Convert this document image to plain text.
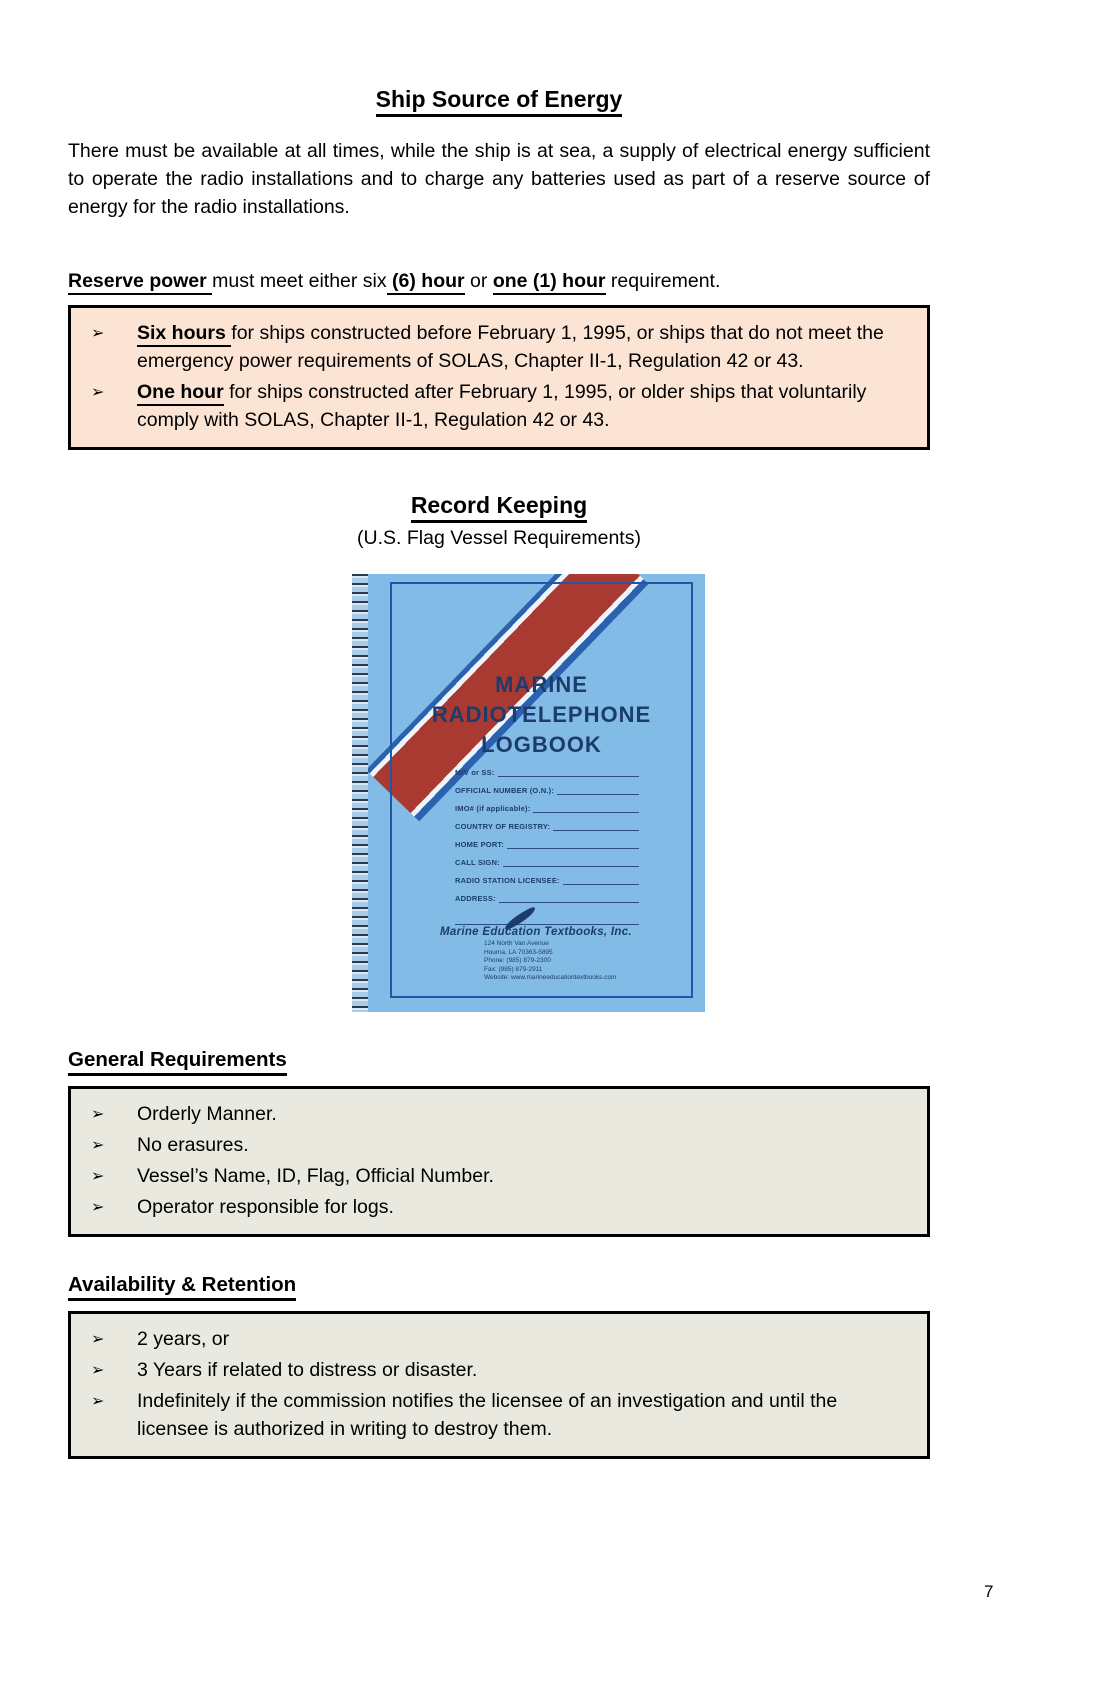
Ship Source of Energy

There must be available at all times, while the ship is at sea, a supply of electrical energy sufficient to operate the radio installations and to charge any batteries used as part of a reserve source of energy for the radio installations.

Reserve power must meet either six (6) hour or one (1) hour requirement.

➢	Six hours for ships constructed before February 1, 1995, or ships that do not meet the emergency power requirements of SOLAS, Chapter II-1, Regulation 42 or 43.
➢	One hour for ships constructed after February 1, 1995, or older ships that voluntarily comply with SOLAS, Chapter II-1, Regulation 42 or 43.
Record Keeping
(U.S. Flag Vessel Requirements)
MARINE
RADIOTELEPHONE
LOGBOOK
M/V or SS:
OFFICIAL NUMBER (O.N.):
IMO# (if applicable):
COUNTRY OF REGISTRY:
HOME PORT:
CALL SIGN:
RADIO STATION LICENSEE:
ADDRESS:
Marine Education Textbooks, Inc.
124 North Van Avenue
Houma, LA 70363-5895
Phone: (985) 879-2300
Fax: (985) 879-2911
Website: www.marineeducationtextbooks.com
General Requirements
➢	Orderly Manner.
➢	No erasures.
➢	Vessel’s Name, ID, Flag, Official Number.
➢	Operator responsible for logs.
Availability & Retention
➢	2 years, or
➢	3 Years if related to distress or disaster.
➢	Indefinitely if the commission notifies the licensee of an investigation and until the licensee is authorized in writing to destroy them.
7
